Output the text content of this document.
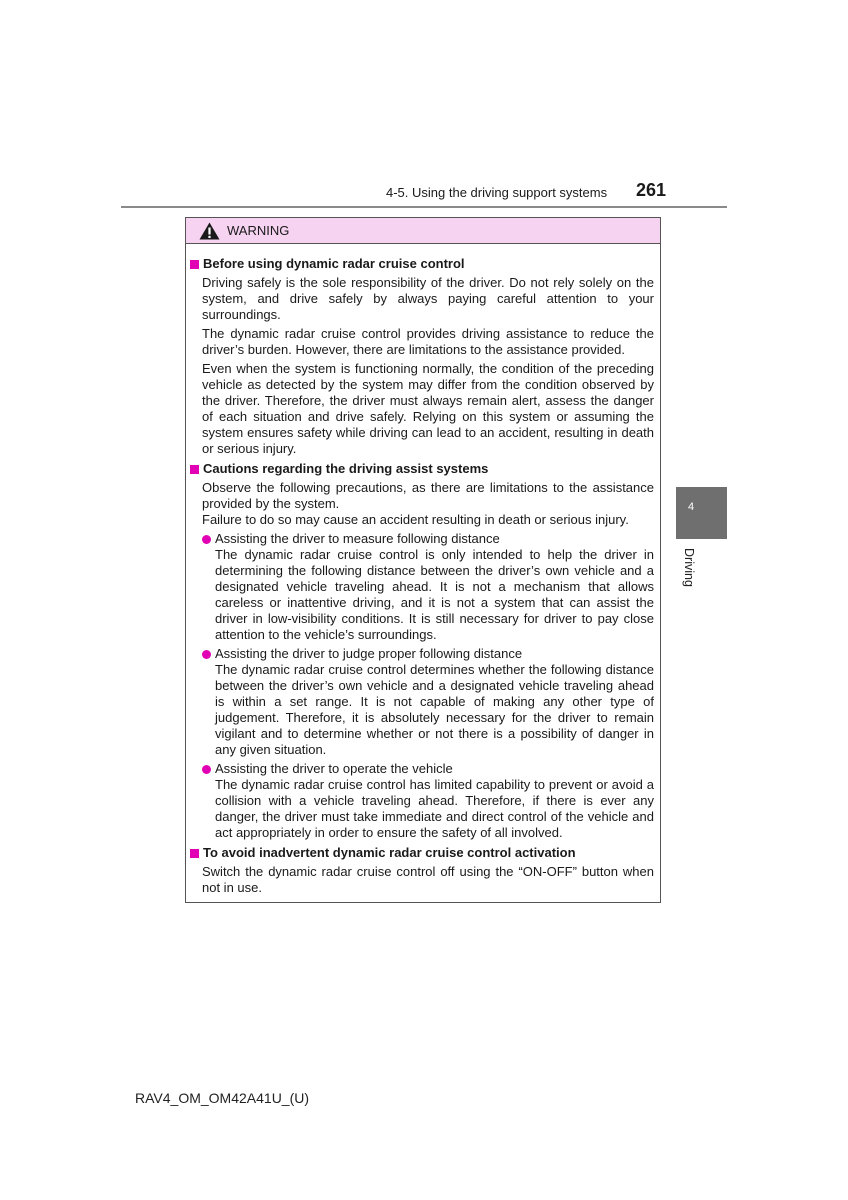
4-5. Using the driving support systems 261
4
Driving
WARNING
Before using dynamic radar cruise control
Driving safely is the sole responsibility of the driver. Do not rely solely on the system, and drive safely by always paying careful attention to your surroundings.
The dynamic radar cruise control provides driving assistance to reduce the driver’s burden. However, there are limitations to the assistance provided.
Even when the system is functioning normally, the condition of the preceding vehicle as detected by the system may differ from the condition observed by the driver. Therefore, the driver must always remain alert, assess the danger of each situation and drive safely. Relying on this system or assuming the system ensures safety while driving can lead to an accident, resulting in death or serious injury.
Cautions regarding the driving assist systems
Observe the following precautions, as there are limitations to the assistance provided by the system.
Failure to do so may cause an accident resulting in death or serious injury.
Assisting the driver to measure following distance
The dynamic radar cruise control is only intended to help the driver in determining the following distance between the driver’s own vehicle and a designated vehicle traveling ahead. It is not a mechanism that allows careless or inattentive driving, and it is not a system that can assist the driver in low-visibility conditions. It is still necessary for driver to pay close attention to the vehicle’s surroundings.
Assisting the driver to judge proper following distance
The dynamic radar cruise control determines whether the following distance between the driver’s own vehicle and a designated vehicle traveling ahead is within a set range. It is not capable of making any other type of judgement. Therefore, it is absolutely necessary for the driver to remain vigilant and to determine whether or not there is a possibility of danger in any given situation.
Assisting the driver to operate the vehicle
The dynamic radar cruise control has limited capability to prevent or avoid a collision with a vehicle traveling ahead. Therefore, if there is ever any danger, the driver must take immediate and direct control of the vehicle and act appropriately in order to ensure the safety of all involved.
To avoid inadvertent dynamic radar cruise control activation
Switch the dynamic radar cruise control off using the “ON-OFF” button when not in use.
RAV4_OM_OM42A41U_(U)
